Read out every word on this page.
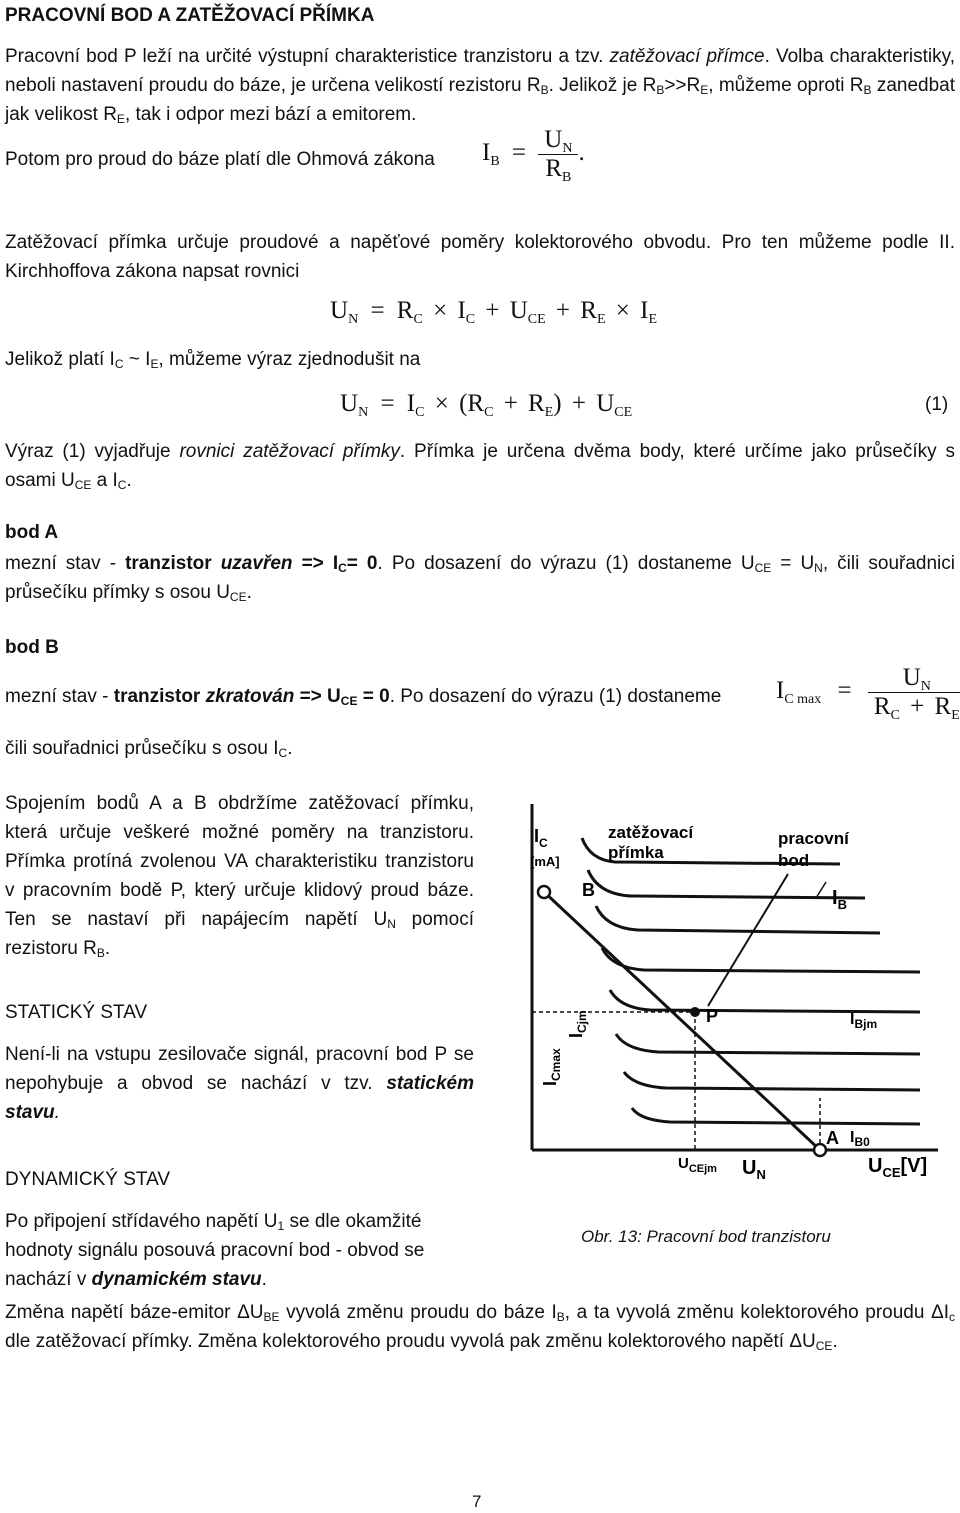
PRACOVNÍ BOD A ZATĚŽOVACÍ PŘÍMKA
Pracovní bod P leží na určité výstupní charakteristice tranzistoru a tzv. zatěžovací přímce. Volba charakteristiky, neboli nastavení proudu do báze, je určena velikostí rezistoru $R_B$. Jelikož je $R_B>>R_E$, můžeme oproti $R_B$ zanedbat jak velikost $R_E$, tak i odpor mezi bází a emitorem.
Potom pro proud do báze platí dle Ohmová zákona $I_B = \frac{U_N}{R_B}$ .
Zatěžovací přímka určuje proudové a napěťové poměry kolektorového obvodu. Pro ten můžeme podle II. Kirchhoffova zákona napsat rovnici
$U_N = R_C \times I_C + U_{CE} + R_E \times I_E$
Jelikož platí $I_C$ ~ $I_E$, můžeme výraz zjednodušit na
$U_N = I_C \times (R_C + R_E) + U_{CE}$	(1)
Výraz (1) vyjadřuje rovnici zatěžovací přímky. Přímka je určena dvěma body, které určíme jako průsečíky s osami $U_{CE}$ a $I_C$.
bod A
mezní stav - tranzistor uzavřen => $I_C= 0$. Po dosazení do výrazu (1) dostaneme $U_{CE} = U_N$, čili souřadnici průsečíku přímky s osou $U_{CE}$.
bod B
mezní stav - tranzistor zkratován => $U_{CE} = 0$. Po dosazení do výrazu (1) dostaneme $I_{C max} = \frac{U_N}{R_C + R_E}$
čili souřadnici průsečíku s osou $I_C$.
Spojením bodů A a B obdržíme zatěžovací přímku, která určuje veškeré možné poměry na tranzistoru. Přímka protíná zvolenou VA charakteristiku tranzistoru v pracovním bodě P, který určuje klidový proud báze. Ten se nastaví při napájecím napětí $U_N$ pomocí rezistoru $R_B$.
STATICKÝ STAV
Není-li na vstupu zesilovače signál, pracovní bod P se nepohybuje a obvod se nachází v tzv. statickém stavu.
DYNAMICKÝ STAV
Po připojení střídavého napětí $U_1$ se dle okamžité hodnoty signálu posouvá pracovní bod - obvod se nachází v dynamickém stavu.
Změna napětí báze-emitor $\Delta U_{BE}$ vyvolá změnu proudu do báze $I_B$, a ta vyvolá změnu kolektorového proudu $\Delta I_c$ dle zatěžovací přímky. Změna kolektorového proudu vyvolá pak změnu kolektorového napětí $\Delta U_{CE}$.
$I_C$
[mA]
$U_{CE}[V]$
B
P
A
zatěžovací
přímka
pracovní
bod
$I_B$
$I_{Bjm}$
$I_{B0}$
$I_{Cmax}$
$I_{Cjm}$
$U_{CEjm}$ $U_N$
Obr. 13: Pracovní bod tranzistoru
7
